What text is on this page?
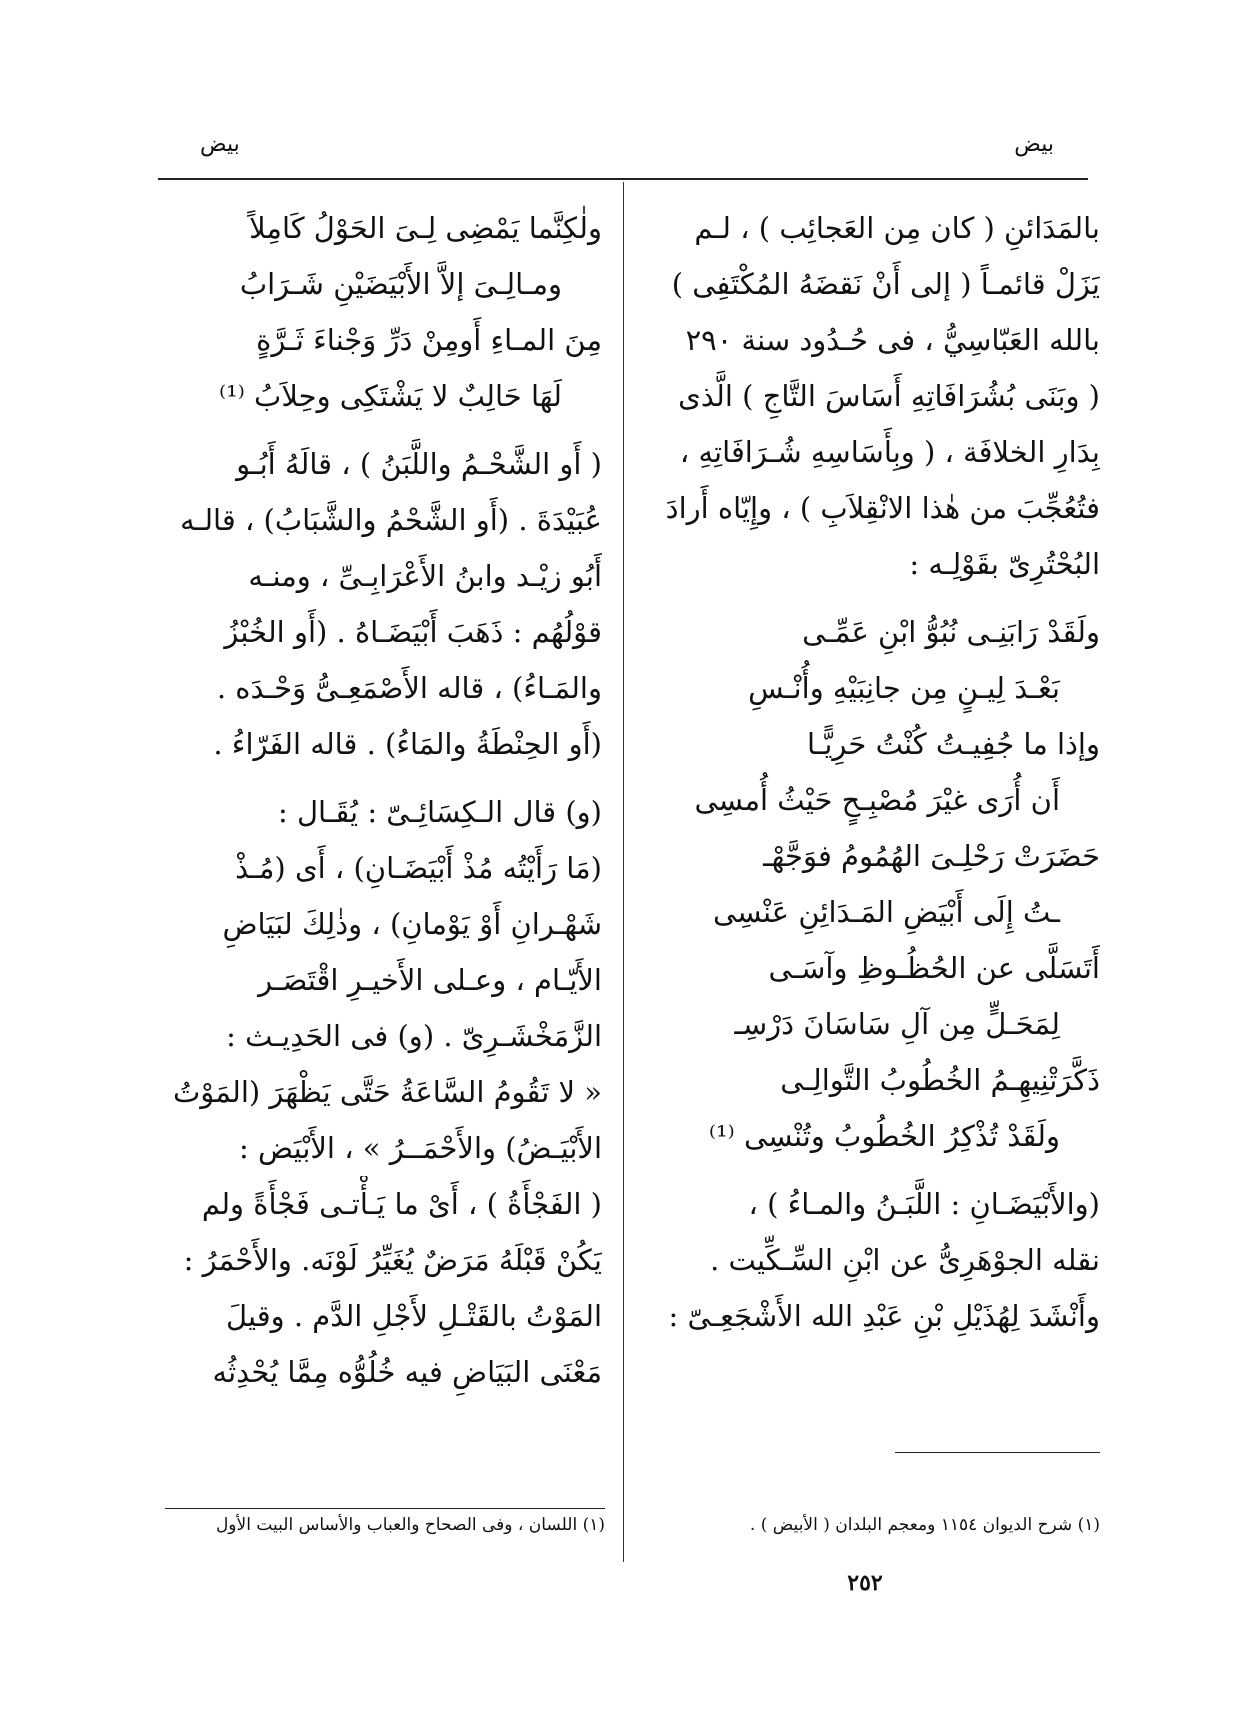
بيض
بيض
بالمَدَائنِ ( كان مِن العَجائِب ) ، لـم
يَزَلْ قائمـاً ( إلى أَنْ نَقضَهُ المُكْتَفِى )
بالله العَبّاسِيُّ ، فى حُـدُود سنة ٢٩٠
( وبَنَى بُشُرَافَاتِهِ أَسَاسَ التَّاجِ ) الَّذى
بِدَارِ الخلافَة ، ( وبِأَسَاسِهِ شُـرَافَاتِهِ ،
فتُعُجِّبَ من هٰذا الانْقِلاَبِ ) ، وإِيّاه أَرادَ
البُحْتُرِىّ بقَوْلِـه :
ولَقَدْ رَابَنِـى نُبُوُّ ابْنِ عَمِّـى
بَعْـدَ لِيـنٍ مِن جانِبَيْهِ وأُنْـسِ
وإذا ما جُفِيـتُ كُنْتُ حَرِيًّـا
أَن أُرَى غيْرَ مُصْبِـحٍ حَيْثُ أُمسِى
حَضَرَتْ رَحْلِـىَ الهُمُومُ فوَجَّهْـ
ـتُ إِلَى أَبْيَضِ المَـدَائِنِ عَنْسِى
أَتَسَلَّى عن الحُظُـوظِ وآسَـى
لِمَحَـلٍّ مِن آلِ سَاسَانَ دَرْسِـ
ذَكَّرَتْنِيهِـمُ الخُطُوبُ التَّوالِـى
ولَقَدْ تُذْكِرُ الخُطُوبُ وتُنْسِى ⁽¹⁾
(والأَبْيَضَـانِ : اللَّبَـنُ والمـاءُ ) ،
نقله الجوْهَرِىُّ عن ابْنِ السِّـكِّيت .
وأَنْشَدَ لِهُذَيْلِ بْنِ عَبْدِ الله الأَشْجَعِـىّ :
ولٰكِنَّما يَمْضِى لِـىَ الحَوْلُ كَامِلاً
ومـالِـىَ إلاَّ الأَبْيَضَيْنِ شَـرَابُ
مِنَ المـاءِ أَومِنْ دَرِّ وَجْناءَ ثَـرَّةٍ
لَهَا حَالِبٌ لا يَشْتَكِى وحِلاَبُ ⁽¹⁾
( أَو الشَّحْـمُ واللَّبَنُ ) ، قالَهُ أَبُـو
عُبَيْدَةَ . (أَو الشَّحْمُ والشَّبَابُ) ، قالـه
أَبُو زيْـد وابنُ الأَعْرَابِـىِّ ، ومنـه
قوْلُهُم : ذَهَبَ أَبْيَضَـاهُ . (أَو الخُبْزُ
والمَـاءُ) ، قاله الأَصْمَعِـىُّ وَحْـدَه .
(أَو الحِنْطَةُ والمَاءُ) . قاله الفَرّاءُ .
(و) قال الـكِسَائِـىّ : يُقَـال :
(مَا رَأَيْتُه مُذْ أَبْيَضَـانِ) ، أَى (مُـذْ
شَهْـرانِ أَوْ يَوْمانِ) ، وذٰلِكَ لبَيَاضِ
الأَيّـام ، وعـلى الأَخيـرِ اقْتَصَـر
الزَّمَخْشَـرِىّ . (و) فى الحَدِيـث :
« لا تَقُومُ السَّاعَةُ حَتَّى يَظْهَرَ (المَوْتُ
الأَبْيَـضُ) والأَحْمَــرُ » ، الأَبْيَض :
( الفَجْأَةُ ) ، أَىْ ما يَـأْتـى فَجْأَةً ولم
يَكُنْ قَبْلَهُ مَرَضٌ يُغَيِّرُ لَوْنَه. والأَحْمَرُ :
المَوْتُ بالقَتْـلِ لأَجْلِ الدَّم . وقيلَ
مَعْنَى البَيَاضِ فيه خُلُوُّه مِمَّا يُحْدِثُه
(١) شرح الديوان ١١٥٤ ومعجم البلدان ( الأبيض ) .
(١) اللسان ، وفى الصحاح والعباب والأساس البيت الأول
٢٥٢
